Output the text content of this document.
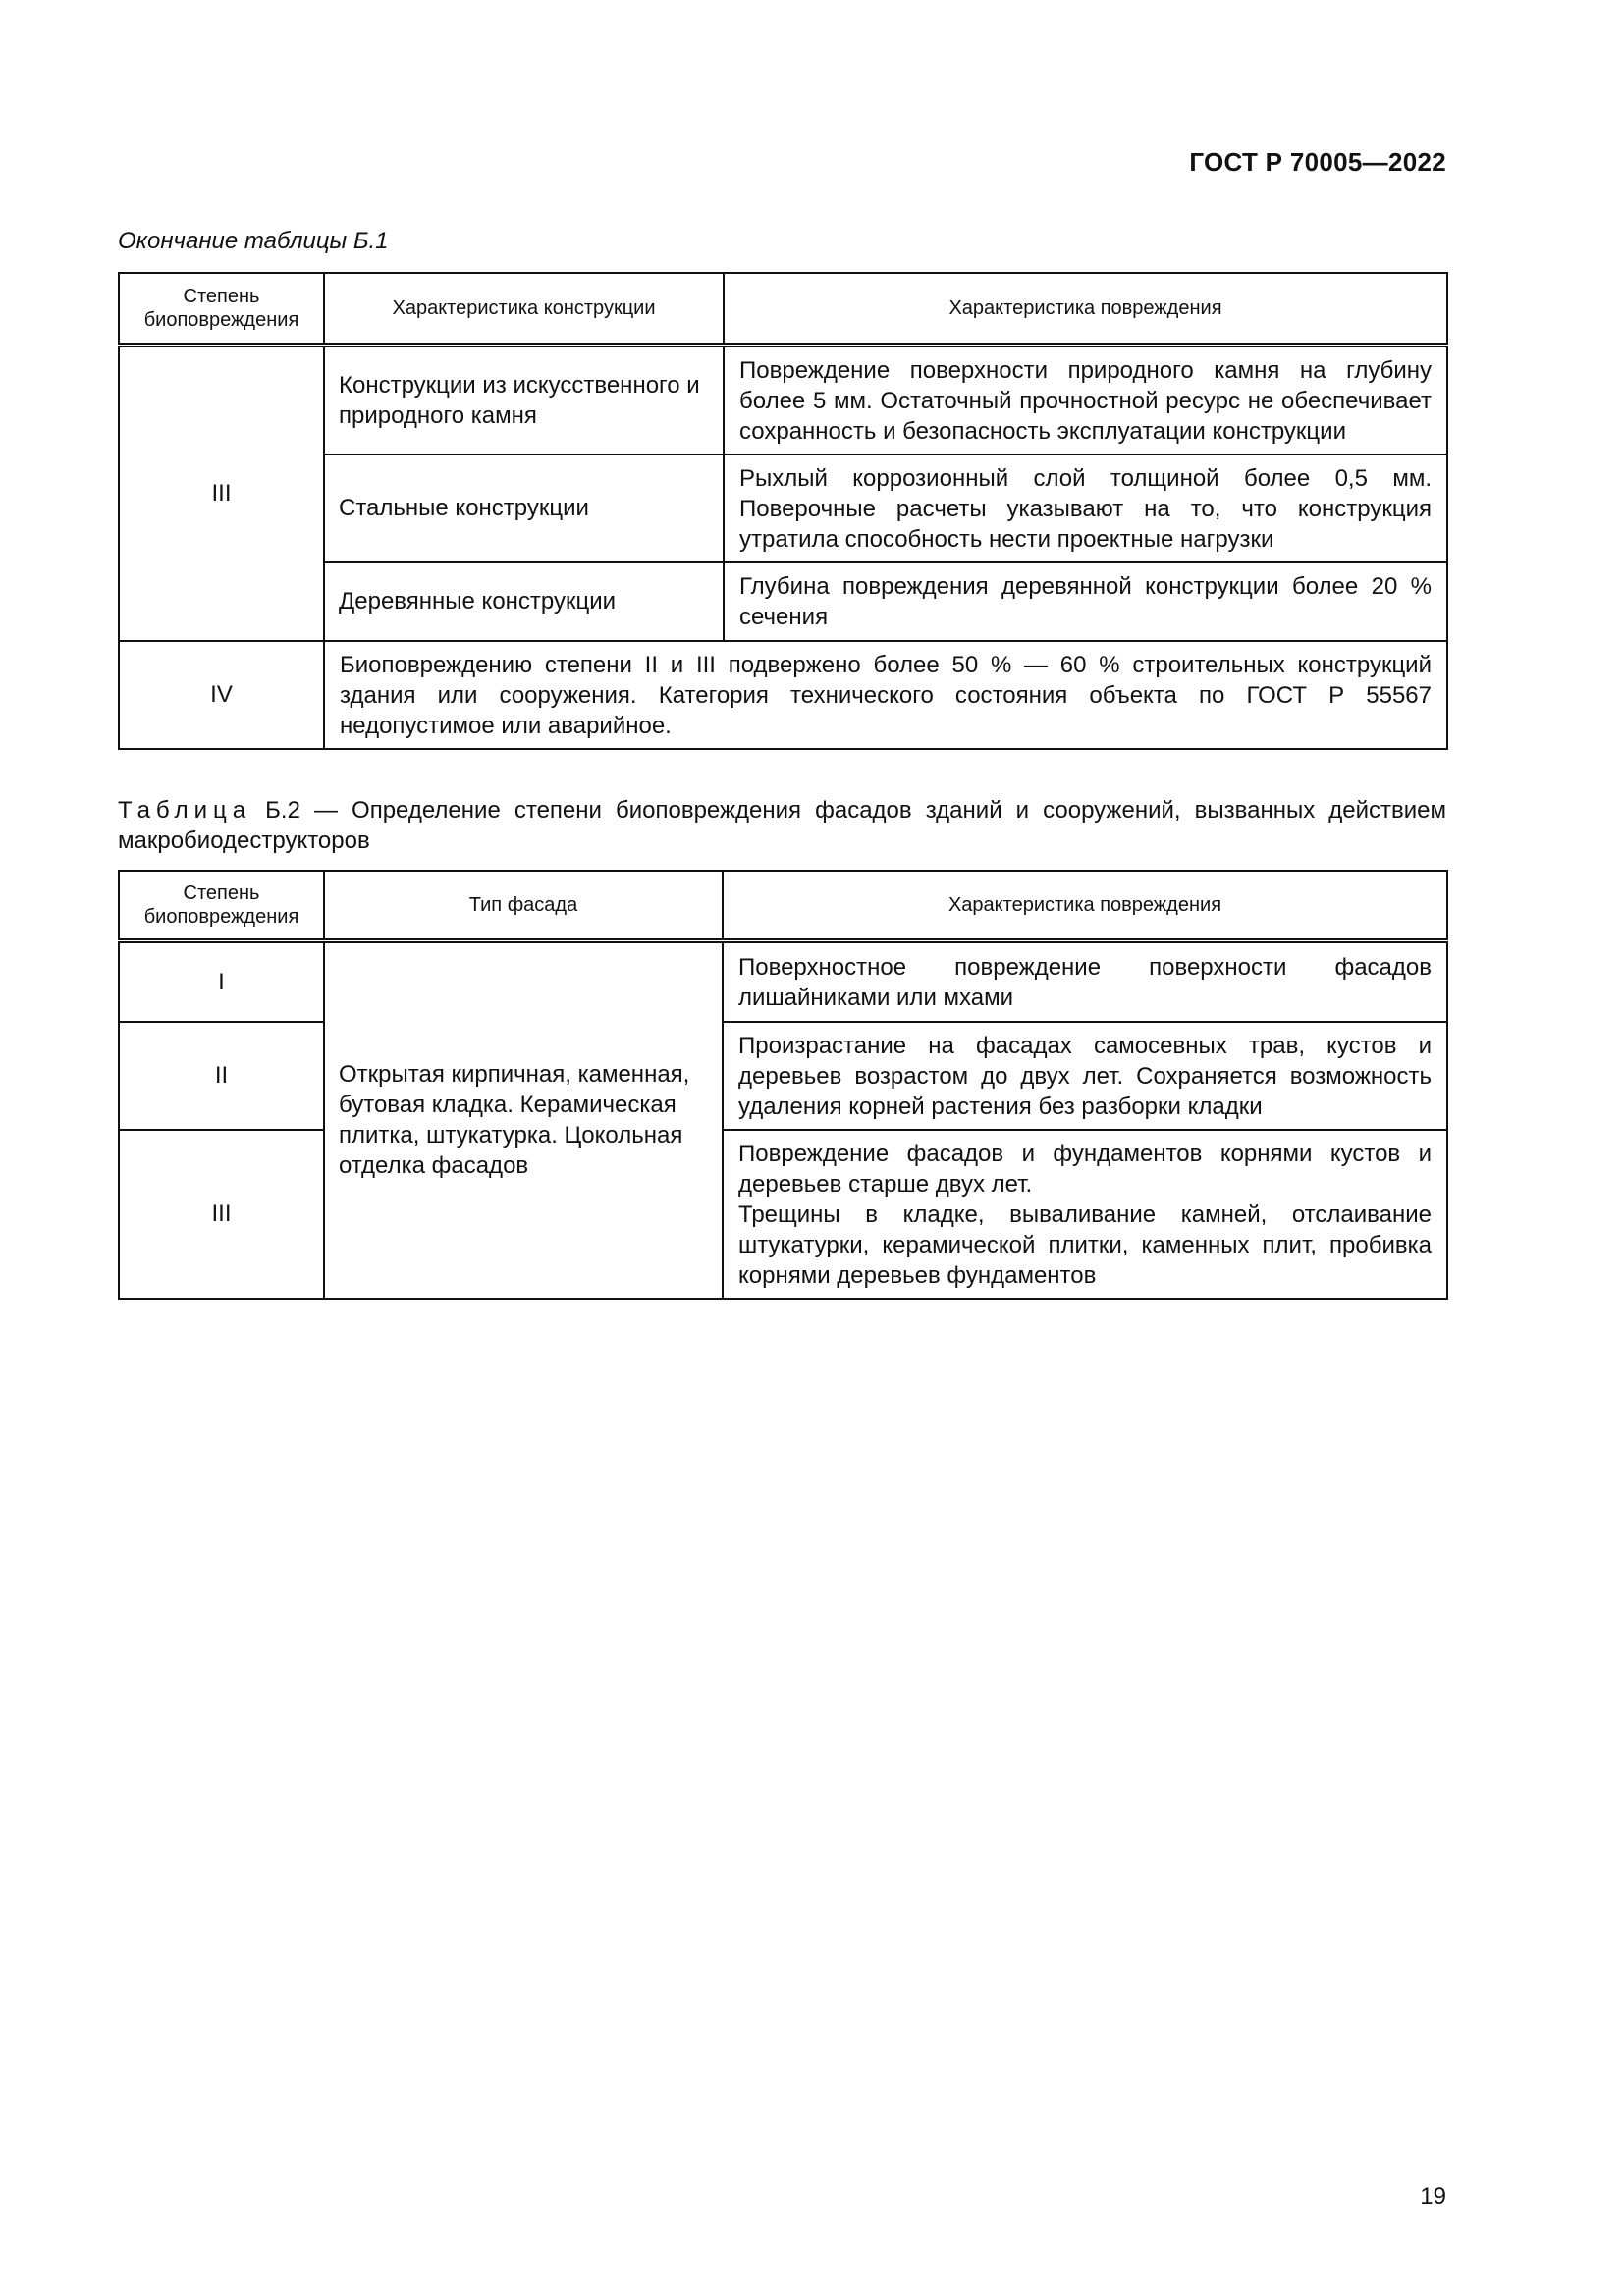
ГОСТ Р 70005—2022
Окончание таблицы Б.1
Степень биоповреждения	Характеристика конструкции	Характеристика повреждения
III	Конструкции из искусственного и природного камня	Повреждение поверхности природного камня на глубину более 5 мм. Остаточный прочностной ресурс не обеспечивает сохранность и безопасность эксплуатации конструкции
	Стальные конструкции	Рыхлый коррозионный слой толщиной более 0,5 мм. Поверочные расчеты указывают на то, что конструкция утратила способность нести проектные нагрузки
	Деревянные конструкции	Глубина повреждения деревянной конструкции более 20 % сечения
IV	Биоповреждению степени II и III подвержено более 50 % — 60 % строительных конструкций здания или сооружения. Категория технического состояния объекта по ГОСТ Р 55567 недопустимое или аварийное.	
Таблица Б.2 — Определение степени биоповреждения фасадов зданий и сооружений, вызванных действием макробиодеструкторов
Степень биоповреждения	Тип фасада	Характеристика повреждения
I	Открытая кирпичная, каменная, бутовая кладка. Керамическая плитка, штукатурка. Цокольная отделка фасадов	Поверхностное повреждение поверхности фасадов лишайниками или мхами
II		Произрастание на фасадах самосевных трав, кустов и деревьев возрастом до двух лет. Сохраняется возможность удаления корней растения без разборки кладки
III		Повреждение фасадов и фундаментов корнями кустов и деревьев старше двух лет.
Трещины в кладке, вываливание камней, отслаивание штукатурки, керамической плитки, каменных плит, пробивка корнями деревьев фундаментов
19
